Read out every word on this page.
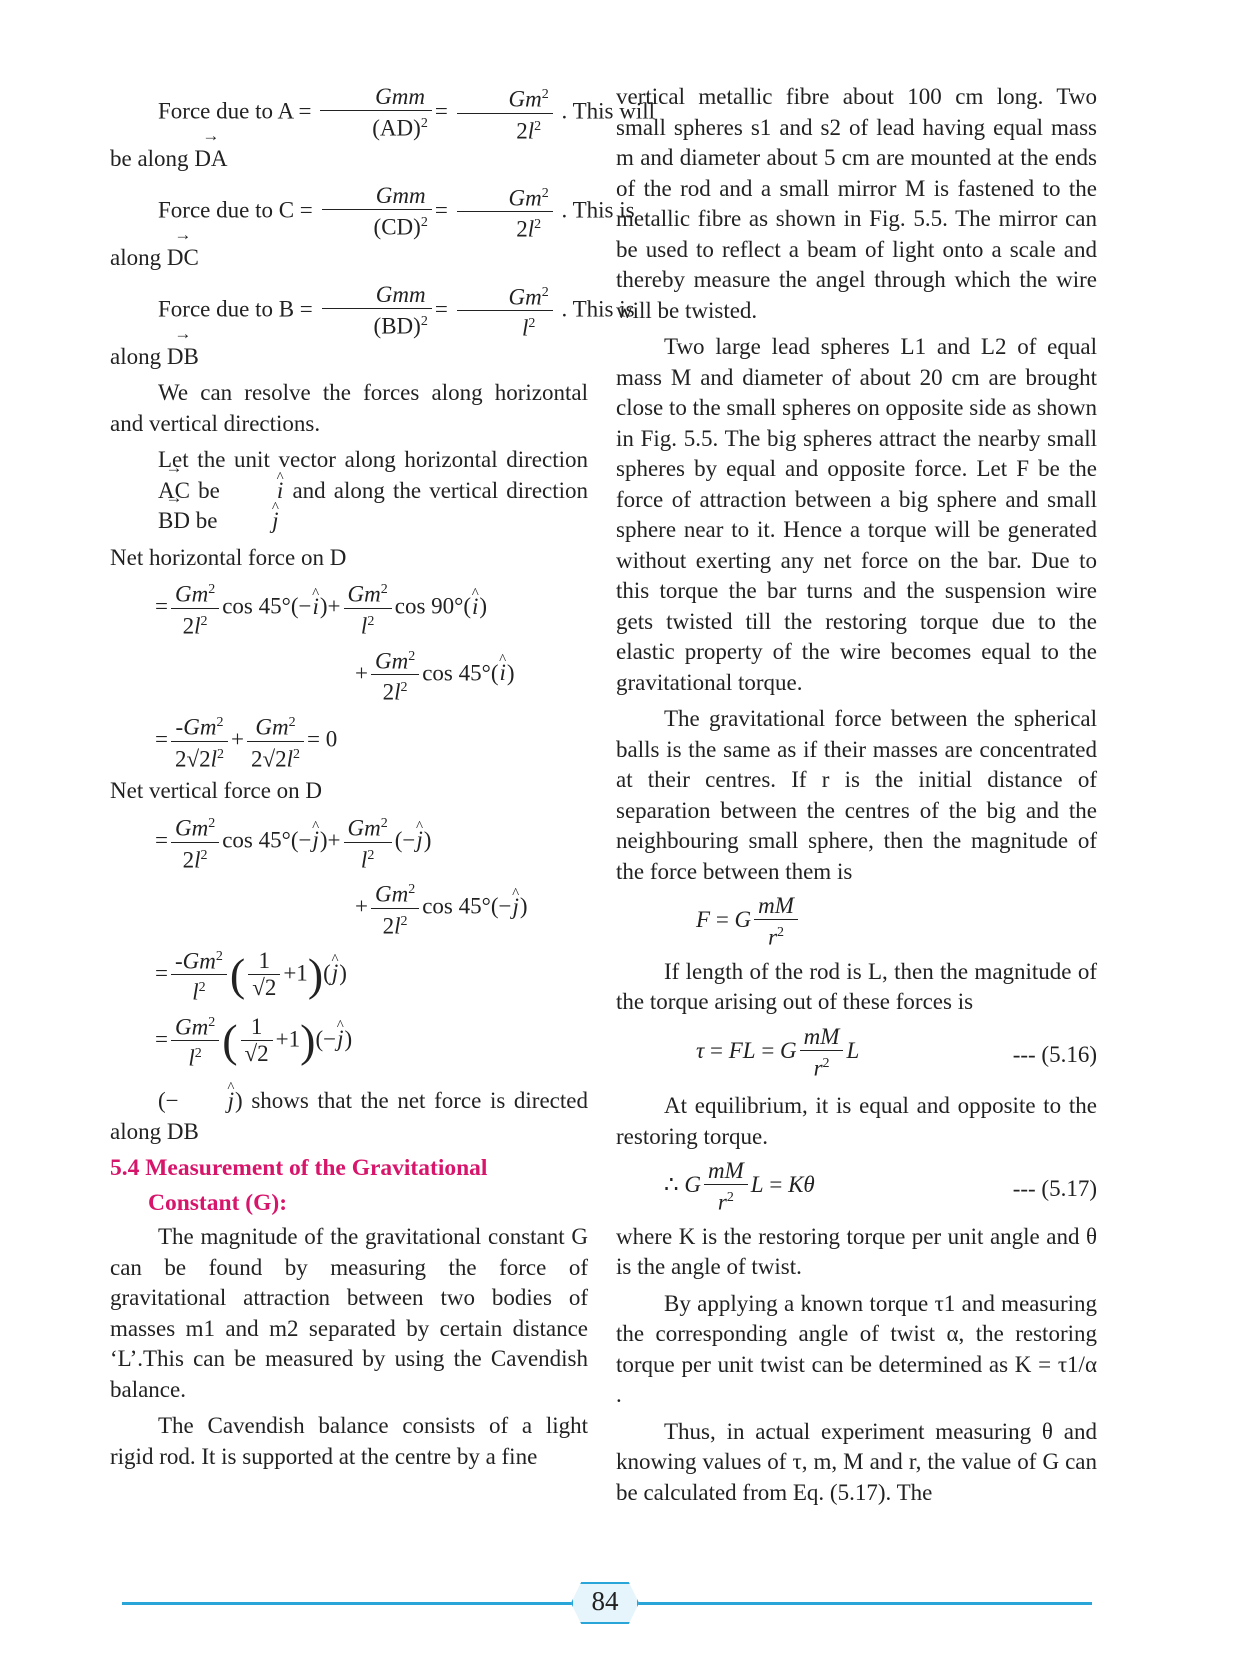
Force due to $A = \frac{\text{Gmm}}{(AD)^2} = \frac{Gm^2}{2l^2}$ . This will

be along → DA

Force due to $C = \frac{\text{Gmm}}{(CD)^2} = \frac{Gm^2}{2l^2}$ . This is

along → DC

Force due to $B = \frac{\text{Gmm}}{(BD)^2} = \frac{Gm^2}{l^2}$ . This is

along → DB

We can resolve the forces along horizontal and vertical directions.

Let the unit vector along horizontal direction → AC be ^ i and along the vertical direction → BD be ^ j

Net horizontal force on D

= $\frac{Gm^2}{2l^2}$ cos 45°(−^ $i)+ \frac{Gm^2}{l^2}$ cos 90°(^ i)
+ $\frac{Gm^2}{2l^2}$ cos 45°(^ i)
= $\frac{-Gm^2}{2√2l^2} + \frac{Gm^2}{2√2l^2} = 0$

Net vertical force on D

= $\frac{Gm^2}{2l^2}$ cos 45°(−^ $j)+ \frac{Gm^2}{l^2}$ (−^ j)
+ $\frac{Gm^2}{2l^2}$ cos 45°(−^ j)
= $\frac{-Gm^2}{l^2}$ ( $\frac{1}{√2}$ +1)(^ j)
= $\frac{Gm^2}{l^2}$ ( $\frac{1}{√2}$ +1)(−^ j)

(− ^ j) shows that the net force is directed along DB

5.4 Measurement of the Gravitational
Constant (G):

The magnitude of the gravitational constant G can be found by measuring the force of gravitational attraction between two bodies of masses m1 and m2 separated by certain distance ‘L’.This can be measured by using the Cavendish balance.

The Cavendish balance consists of a light rigid rod. It is supported at the centre by a fine

vertical metallic fibre about 100 cm long. Two small spheres s1 and s2 of lead having equal mass m and diameter about 5 cm are mounted at the ends of the rod and a small mirror M is fastened to the metallic fibre as shown in Fig. 5.5. The mirror can be used to reflect a beam of light onto a scale and thereby measure the angel through which the wire will be twisted.

Two large lead spheres L1 and L2 of equal mass M and diameter of about 20 cm are brought close to the small spheres on opposite side as shown in Fig. 5.5. The big spheres attract the nearby small spheres by equal and opposite force. Let F be the force of attraction between a big sphere and small sphere near to it. Hence a torque will be generated without exerting any net force on the bar. Due to this torque the bar turns and the suspension wire gets twisted till the restoring torque due to the elastic property of the wire becomes equal to the gravitational torque.

The gravitational force between the spherical balls is the same as if their masses are concentrated at their centres. If r is the initial distance of separation between the centres of the big and the neighbouring small sphere, then the magnitude of the force between them is

F = G $\frac{mM}{r^2}$

If length of the rod is L, then the magnitude of the torque arising out of these forces is

τ = FL = G $\frac{mM}{r^2}$ L	--- (5.16)

At equilibrium, it is equal and opposite to the restoring torque.

∴ G $\frac{mM}{r^2}$ L = Kθ	--- (5.17)

where K is the restoring torque per unit angle and θ is the angle of twist.

By applying a known torque τ1 and measuring the corresponding angle of twist α, the restoring torque per unit twist can be determined as K = τ1/α .

Thus, in actual experiment measuring θ and knowing values of τ, m, M and r, the value of G can be calculated from Eq. (5.17). The

84
